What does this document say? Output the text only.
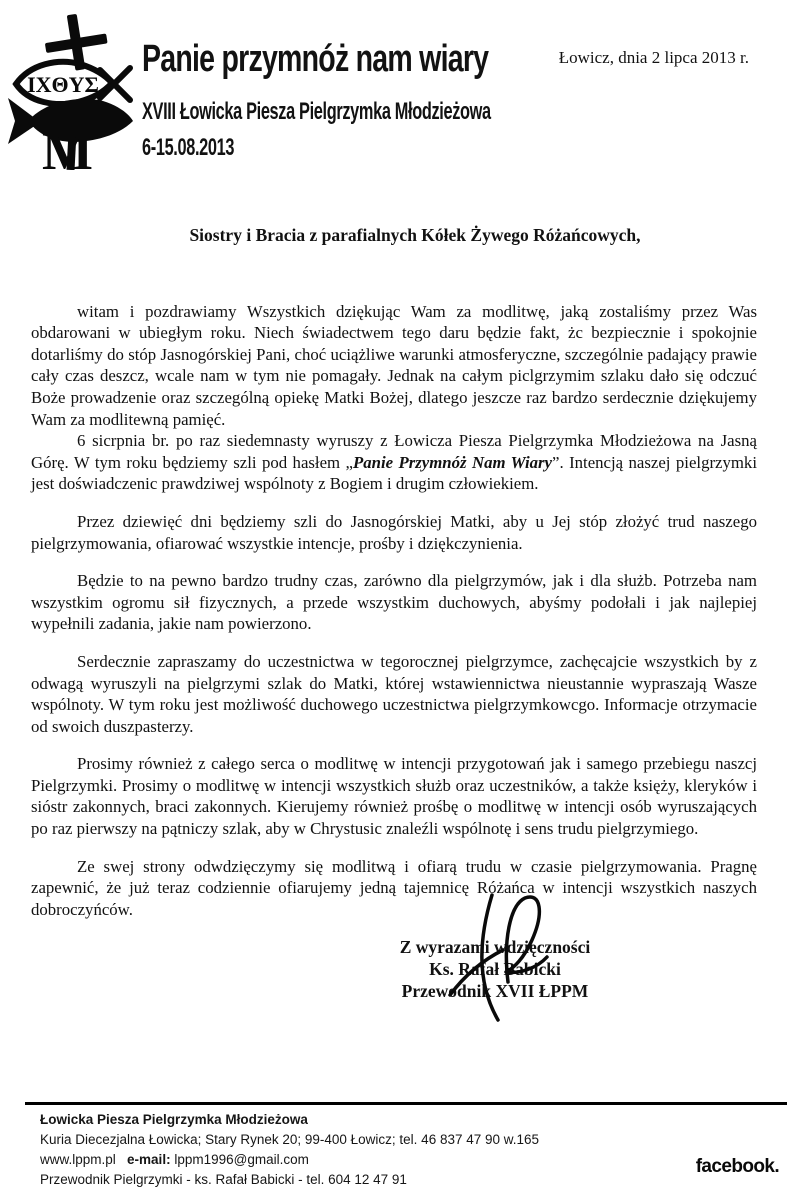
IXΘYΣ
M
Panie przymnóż nam wiary
XVIII Łowicka Piesza Pielgrzymka Młodzieżowa
6-15.08.2013
Łowicz, dnia 2 lipca 2013 r.
Siostry i Bracia z parafialnych Kółek Żywego Różańcowych,

witam i pozdrawiamy Wszystkich dziękując Wam za modlitwę, jaką zostaliśmy przez Was obdarowani w ubiegłym roku. Niech świadectwem tego daru będzie fakt, żc bezpiecznie i spokojnie dotarliśmy do stóp Jasnogórskiej Pani, choć uciążliwe warunki atmosferyczne, szczególnie padający prawie cały czas deszcz, wcale nam w tym nie pomagały. Jednak na całym piclgrzymim szlaku dało się odczuć Boże prowadzenie oraz szczególną opiekę Matki Bożej, dlatego jeszcze raz bardzo serdecznie dziękujemy Wam za modlitewną pamięć.

6 sicrpnia br. po raz siedemnasty wyruszy z Łowicza Piesza Pielgrzymka Młodzieżowa na Jasną Górę. W tym roku będziemy szli pod hasłem „Panie Przymnóż Nam Wiary”. Intencją naszej pielgrzymki jest doświadczenic prawdziwej wspólnoty z Bogiem i drugim człowiekiem.

Przez dziewięć dni będziemy szli do Jasnogórskiej Matki, aby u Jej stóp złożyć trud naszego pielgrzymowania, ofiarować wszystkie intencje, prośby i dziękczynienia.

Będzie to na pewno bardzo trudny czas, zarówno dla pielgrzymów, jak i dla służb. Potrzeba nam wszystkim ogromu sił fizycznych, a przede wszystkim duchowych, abyśmy podołali i jak najlepiej wypełnili zadania, jakie nam powierzono.

Serdecznie zapraszamy do uczestnictwa w tegorocznej pielgrzymce, zachęcajcie wszystkich by z odwagą wyruszyli na pielgrzymi szlak do Matki, której wstawiennictwa nieustannie wypraszają Wasze wspólnoty. W tym roku jest możliwość duchowego uczestnictwa pielgrzymkowcgo. Informacje otrzymacie od swoich duszpasterzy.

Prosimy również z całego serca o modlitwę w intencji przygotowań jak i samego przebiegu naszcj Pielgrzymki. Prosimy o modlitwę w intencji wszystkich służb oraz uczestników, a także księży, kleryków i sióstr zakonnych, braci zakonnych. Kierujemy również prośbę o modlitwę w intencji osób wyruszających po raz pierwszy na pątniczy szlak, aby w Chrystusic znaleźli wspólnotę i sens trudu pielgrzymiego.

Ze swej strony odwdzięczymy się modlitwą i ofiarą trudu w czasie pielgrzymowania. Pragnę zapewnić, że już teraz codziennie ofiarujemy jedną tajemnicę Różańca w intencji wszystkich naszych dobroczyńców.

Z wyrazami wdzięczności
Ks. Rafał Babicki
Przewodnik XVII ŁPPM
Łowicka Piesza Pielgrzymka Młodzieżowa
Kuria Diecezjalna Łowicka; Stary Rynek 20; 99-400 Łowicz; tel. 46 837 47 90 w.165
www.lppm.pl e-mail: lppm1996@gmail.com
Przewodnik Pielgrzymki - ks. Rafał Babicki - tel. 604 12 47 91
facebook.
